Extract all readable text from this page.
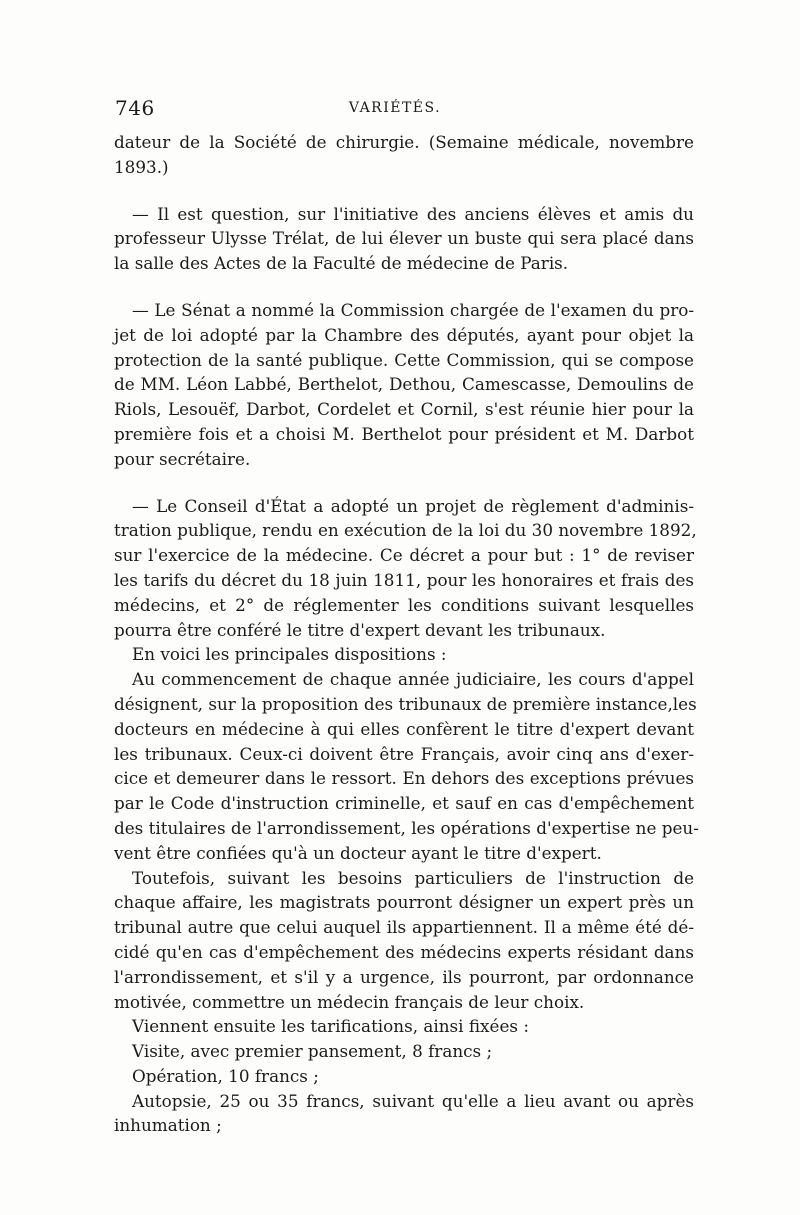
746	VARIÉTÉS.
dateur de la Société de chirurgie. (Semaine médicale, novembre
1893.)
— Il est question, sur l'initiative des anciens élèves et amis du
professeur Ulysse Trélat, de lui élever un buste qui sera placé dans
la salle des Actes de la Faculté de médecine de Paris.
— Le Sénat a nommé la Commission chargée de l'examen du pro-
jet de loi adopté par la Chambre des députés, ayant pour objet la
protection de la santé publique. Cette Commission, qui se compose
de MM. Léon Labbé, Berthelot, Dethou, Camescasse, Demoulins de
Riols, Lesouëf, Darbot, Cordelet et Cornil, s'est réunie hier pour la
première fois et a choisi M. Berthelot pour président et M. Darbot
pour secrétaire.
— Le Conseil d'État a adopté un projet de règlement d'adminis-
tration publique, rendu en exécution de la loi du 30 novembre 1892,
sur l'exercice de la médecine. Ce décret a pour but : 1° de reviser
les tarifs du décret du 18 juin 1811, pour les honoraires et frais des
médecins, et 2° de réglementer les conditions suivant lesquelles
pourra être conféré le titre d'expert devant les tribunaux.
En voici les principales dispositions :
Au commencement de chaque année judiciaire, les cours d'appel
désignent, sur la proposition des tribunaux de première instance,les
docteurs en médecine à qui elles confèrent le titre d'expert devant
les tribunaux. Ceux-ci doivent être Français, avoir cinq ans d'exer-
cice et demeurer dans le ressort. En dehors des exceptions prévues
par le Code d'instruction criminelle, et sauf en cas d'empêchement
des titulaires de l'arrondissement, les opérations d'expertise ne peu-
vent être confiées qu'à un docteur ayant le titre d'expert.
Toutefois, suivant les besoins particuliers de l'instruction de
chaque affaire, les magistrats pourront désigner un expert près un
tribunal autre que celui auquel ils appartiennent. Il a même été dé-
cidé qu'en cas d'empêchement des médecins experts résidant dans
l'arrondissement, et s'il y a urgence, ils pourront, par ordonnance
motivée, commettre un médecin français de leur choix.
Viennent ensuite les tarifications, ainsi fixées :
Visite, avec premier pansement, 8 francs ;
Opération, 10 francs ;
Autopsie, 25 ou 35 francs, suivant qu'elle a lieu avant ou après
inhumation ;
